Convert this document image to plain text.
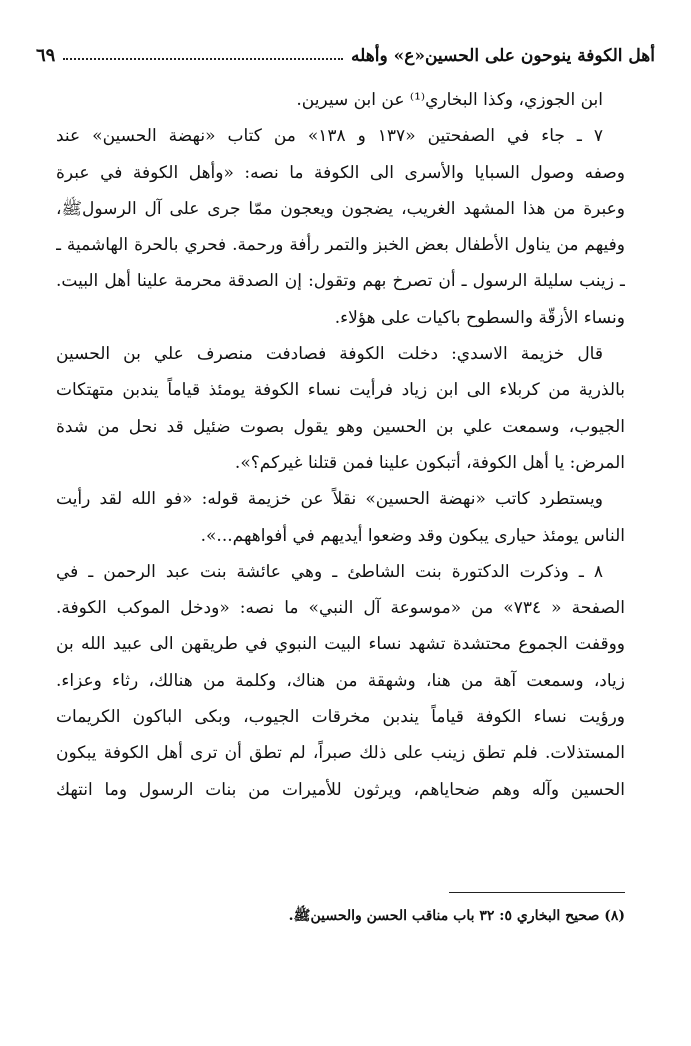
أهل الكوفة ينوحون على الحسين«ع» وأهله
٦٩
ابن الجوزي، وكذا البخاري⁽¹⁾ عن ابن سيرين.
٧ ـ جاء في الصفحتين «١٣٧ و ١٣٨» من كتاب «نهضة الحسين» عند
وصفه وصول السبايا والأسرى الى الكوفة ما نصه: «وأهل الكوفة في عبرة
وعبرة من هذا المشهد الغريب، يضجون ويعجون ممّا جرى على آل الرسولﷺ،
وفيهم من يناول الأطفال بعض الخبز والتمر رأفة ورحمة. فحري بالحرة الهاشمية ـ
ـ زينب سليلة الرسول ـ أن تصرخ بهم وتقول: إن الصدقة محرمة علينا أهل البيت.
ونساء الأزقّة والسطوح باكيات على هؤلاء.
قال خزيمة الاسدي: دخلت الكوفة فصادفت منصرف علي بن الحسين
بالذرية من كربلاء الى ابن زياد فرأيت نساء الكوفة يومئذ قياماً يندبن متهتكات
الجيوب، وسمعت علي بن الحسين وهو يقول بصوت ضئيل قد نحل من شدة
المرض: يا أهل الكوفة، أتبكون علينا فمن قتلنا غيركم؟».
ويستطرد كاتب «نهضة الحسين» نقلاً عن خزيمة قوله: «فو الله لقد رأيت
الناس يومئذ حيارى يبكون وقد وضعوا أيديهم في أفواههم...».
٨ ـ وذكرت الدكتورة بنت الشاطئ ـ وهي عائشة بنت عبد الرحمن ـ في
الصفحة « ٧٣٤» من «موسوعة آل النبي» ما نصه: «ودخل الموكب الكوفة.
ووقفت الجموع محتشدة تشهد نساء البيت النبوي في طريقهن الى عبيد الله بن
زياد، وسمعت آهة من هنا، وشهقة من هناك، وكلمة من هنالك، رثاء وعزاء.
ورؤيت نساء الكوفة قياماً يندبن مخرقات الجيوب، وبكى الباكون الكريمات
المستذلات. فلم تطق زينب على ذلك صبراً، لم تطق أن ترى أهل الكوفة يبكون
الحسين وآله وهم ضحاياهم، ويرثون للأميرات من بنات الرسول وما انتهك
(٨) صحيح البخاري ٥: ٣٢ باب مناقب الحسن والحسينﷺ.
